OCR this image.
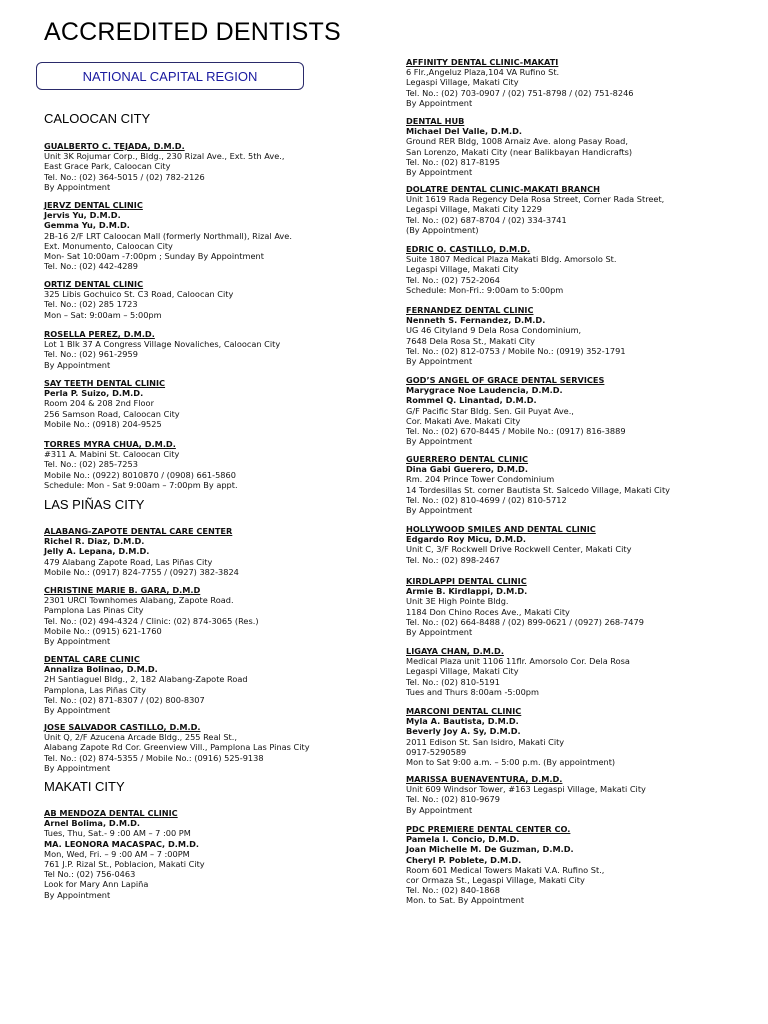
ACCREDITED DENTISTS
NATIONAL CAPITAL REGION
CALOOCAN CITY
GUALBERTO C. TEJADA, D.M.D.
Unit 3K Rojumar Corp., Bldg., 230 Rizal Ave., Ext. 5th Ave.,
East Grace Park, Caloocan City
Tel. No.: (02) 364-5015 / (02) 782-2126
By Appointment
JERVZ DENTAL CLINIC
Jervis Yu, D.M.D.
Gemma Yu, D.M.D.
2B-16 2/F LRT Caloocan Mall (formerly Northmall), Rizal Ave.
Ext. Monumento, Caloocan City
Mon- Sat 10:00am -7:00pm ; Sunday By Appointment
Tel. No.: (02) 442-4289
ORTIZ DENTAL CLINIC
325 Libis Gochuico St. C3 Road, Caloocan City
Tel. No.: (02) 285 1723
Mon – Sat: 9:00am – 5:00pm
ROSELLA PEREZ, D.M.D.
Lot 1 Blk 37 A Congress Village Novaliches, Caloocan City
Tel. No.: (02) 961-2959
By Appointment
SAY TEETH DENTAL CLINIC
Perla P. Suizo, D.M.D.
Room 204 & 208 2nd Floor
256 Samson Road, Caloocan City
Mobile No.: (0918) 204-9525
TORRES MYRA CHUA, D.M.D.
#311 A. Mabini St. Caloocan City
Tel. No.: (02) 285-7253
Mobile No.: (0922) 8010870 / (0908) 661-5860
Schedule: Mon - Sat 9:00am – 7:00pm By appt.
LAS PIÑAS CITY
ALABANG-ZAPOTE DENTAL CARE CENTER
Richel R. Diaz, D.M.D.
Jelly A. Lepana, D.M.D.
479 Alabang Zapote Road, Las Piñas City
Mobile No.: (0917) 824-7755 / (0927) 382-3824
CHRISTINE MARIE B. GARA, D.M.D
2301 URCI Townhomes Alabang, Zapote Road.
Pamplona Las Pinas City
Tel. No.: (02) 494-4324 / Clinic: (02) 874-3065 (Res.)
Mobile No.: (0915) 621-1760
By Appointment
DENTAL CARE CLINIC
Annaliza Bolinao, D.M.D.
2H Santiaguel Bldg., 2, 182 Alabang-Zapote Road
Pamplona, Las Piñas City
Tel. No.: (02) 871-8307 / (02) 800-8307
By Appointment
JOSE SALVADOR CASTILLO, D.M.D.
Unit Q, 2/F Azucena Arcade Bldg., 255 Real St.,
Alabang Zapote Rd Cor. Greenview Vill., Pamplona Las Pinas City
Tel. No.: (02) 874-5355 / Mobile No.: (0916) 525-9138
By Appointment
MAKATI CITY
AB MENDOZA DENTAL CLINIC
Arnel Bolima, D.M.D.
Tues, Thu, Sat.- 9 :00 AM – 7 :00 PM
MA. LEONORA MACASPAC, D.M.D.
Mon, Wed, Fri. – 9 :00 AM – 7 :00PM
761 J.P. Rizal St., Poblacion, Makati City
Tel No.: (02) 756-0463
Look for Mary Ann Lapiña
By Appointment
AFFINITY DENTAL CLINIC-MAKATI
6 Flr.,Angeluz Plaza,104 VA Rufino St.
Legaspi Village, Makati City
Tel. No.: (02) 703-0907 / (02) 751-8798 / (02) 751-8246
By Appointment
DENTAL HUB
Michael Del Valle, D.M.D.
Ground RER Bldg, 1008 Arnaiz Ave. along Pasay Road,
San Lorenzo, Makati City (near Balikbayan Handicrafts)
Tel. No.: (02) 817-8195
By Appointment
DOLATRE DENTAL CLINIC-MAKATI BRANCH
Unit 1619 Rada Regency Dela Rosa Street, Corner Rada Street,
Legaspi Village, Makati City 1229
Tel. No.: (02) 687-8704 / (02) 334-3741
(By Appointment)
EDRIC O. CASTILLO, D.M.D.
Suite 1807 Medical Plaza Makati Bldg. Amorsolo St.
Legaspi Village, Makati City
Tel. No.: (02) 752-2064
Schedule: Mon-Fri.: 9:00am to 5:00pm
FERNANDEZ DENTAL CLINIC
Nenneth S. Fernandez, D.M.D.
UG 46 Cityland 9 Dela Rosa Condominium,
7648 Dela Rosa St., Makati City
Tel. No.: (02) 812-0753 / Mobile No.: (0919) 352-1791
By Appointment
GOD’S ANGEL OF GRACE DENTAL SERVICES
Marygrace Noe Laudencia, D.M.D.
Rommel Q. Linantad, D.M.D.
G/F Pacific Star Bldg. Sen. Gil Puyat Ave.,
Cor. Makati Ave. Makati City
Tel. No.: (02) 670-8445 / Mobile No.: (0917) 816-3889
By Appointment
GUERRERO DENTAL CLINIC
Dina Gabi Guerero, D.M.D.
Rm. 204 Prince Tower Condominium
14 Tordesillas St. corner Bautista St. Salcedo Village, Makati City
Tel. No.: (02) 810-4699 / (02) 810-5712
By Appointment
HOLLYWOOD SMILES AND DENTAL CLINIC
Edgardo Roy Micu, D.M.D.
Unit C, 3/F Rockwell Drive Rockwell Center, Makati City
Tel. No.: (02) 898-2467
KIRDLAPPI DENTAL CLINIC
Armie B. Kirdlappi, D.M.D.
Unit 3E High Pointe Bldg.
1184 Don Chino Roces Ave., Makati City
Tel. No.: (02) 664-8488 / (02) 899-0621 / (0927) 268-7479
By Appointment
LIGAYA CHAN, D.M.D.
Medical Plaza unit 1106 11flr. Amorsolo Cor. Dela Rosa
Legaspi Village, Makati City
Tel. No.: (02) 810-5191
Tues and Thurs 8:00am -5:00pm
MARCONI DENTAL CLINIC
Myla A. Bautista, D.M.D.
Beverly Joy A. Sy, D.M.D.
2011 Edison St. San Isidro, Makati City
0917-5290589
Mon to Sat 9:00 a.m. – 5:00 p.m. (By appointment)
MARISSA BUENAVENTURA, D.M.D.
Unit 609 Windsor Tower, #163 Legaspi Village, Makati City
Tel. No.: (02) 810-9679
By Appointment
PDC PREMIERE DENTAL CENTER CO.
Pamela I. Concio, D.M.D.
Joan Michelle M. De Guzman, D.M.D.
Cheryl P. Poblete, D.M.D.
Room 601 Medical Towers Makati V.A. Rufino St.,
cor Ormaza St., Legaspi Village, Makati City
Tel. No.: (02) 840-1868
Mon. to Sat. By Appointment
